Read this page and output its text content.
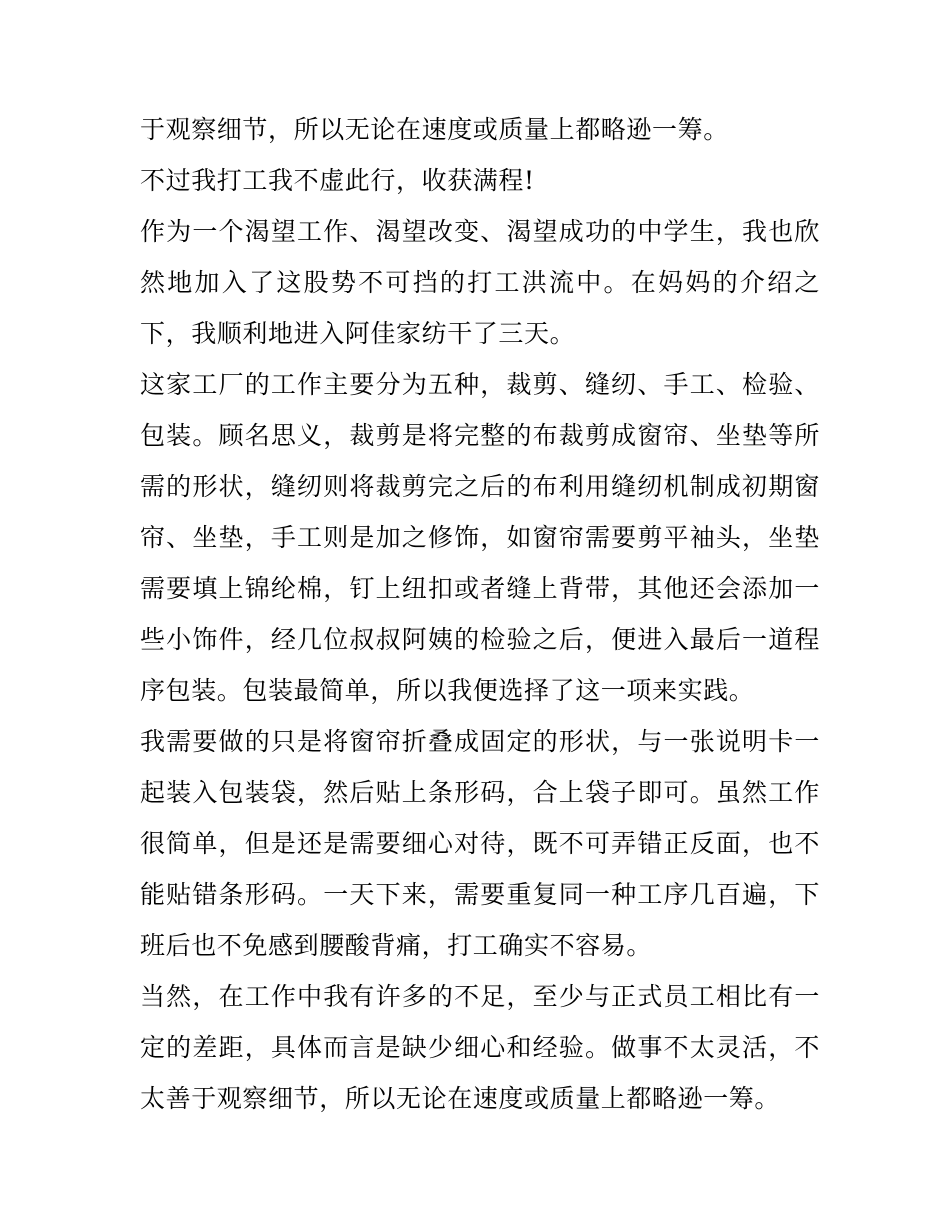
于观察细节，所以无论在速度或质量上都略逊一筹。

不过我打工我不虚此行，收获满程!

作为一个渴望工作、渴望改变、渴望成功的中学生，我也欣然地加入了这股势不可挡的打工洪流中。在妈妈的介绍之下，我顺利地进入阿佳家纺干了三天。

这家工厂的工作主要分为五种，裁剪、缝纫、手工、检验、包装。顾名思义，裁剪是将完整的布裁剪成窗帘、坐垫等所需的形状，缝纫则将裁剪完之后的布利用缝纫机制成初期窗帘、坐垫，手工则是加之修饰，如窗帘需要剪平袖头，坐垫需要填上锦纶棉，钉上纽扣或者缝上背带，其他还会添加一些小饰件，经几位叔叔阿姨的检验之后，便进入最后一道程序包装。包装最简单，所以我便选择了这一项来实践。

我需要做的只是将窗帘折叠成固定的形状，与一张说明卡一起装入包装袋，然后贴上条形码，合上袋子即可。虽然工作很简单，但是还是需要细心对待，既不可弄错正反面，也不能贴错条形码。一天下来，需要重复同一种工序几百遍，下班后也不免感到腰酸背痛，打工确实不容易。

当然，在工作中我有许多的不足，至少与正式员工相比有一定的差距，具体而言是缺少细心和经验。做事不太灵活，不太善于观察细节，所以无论在速度或质量上都略逊一筹。
